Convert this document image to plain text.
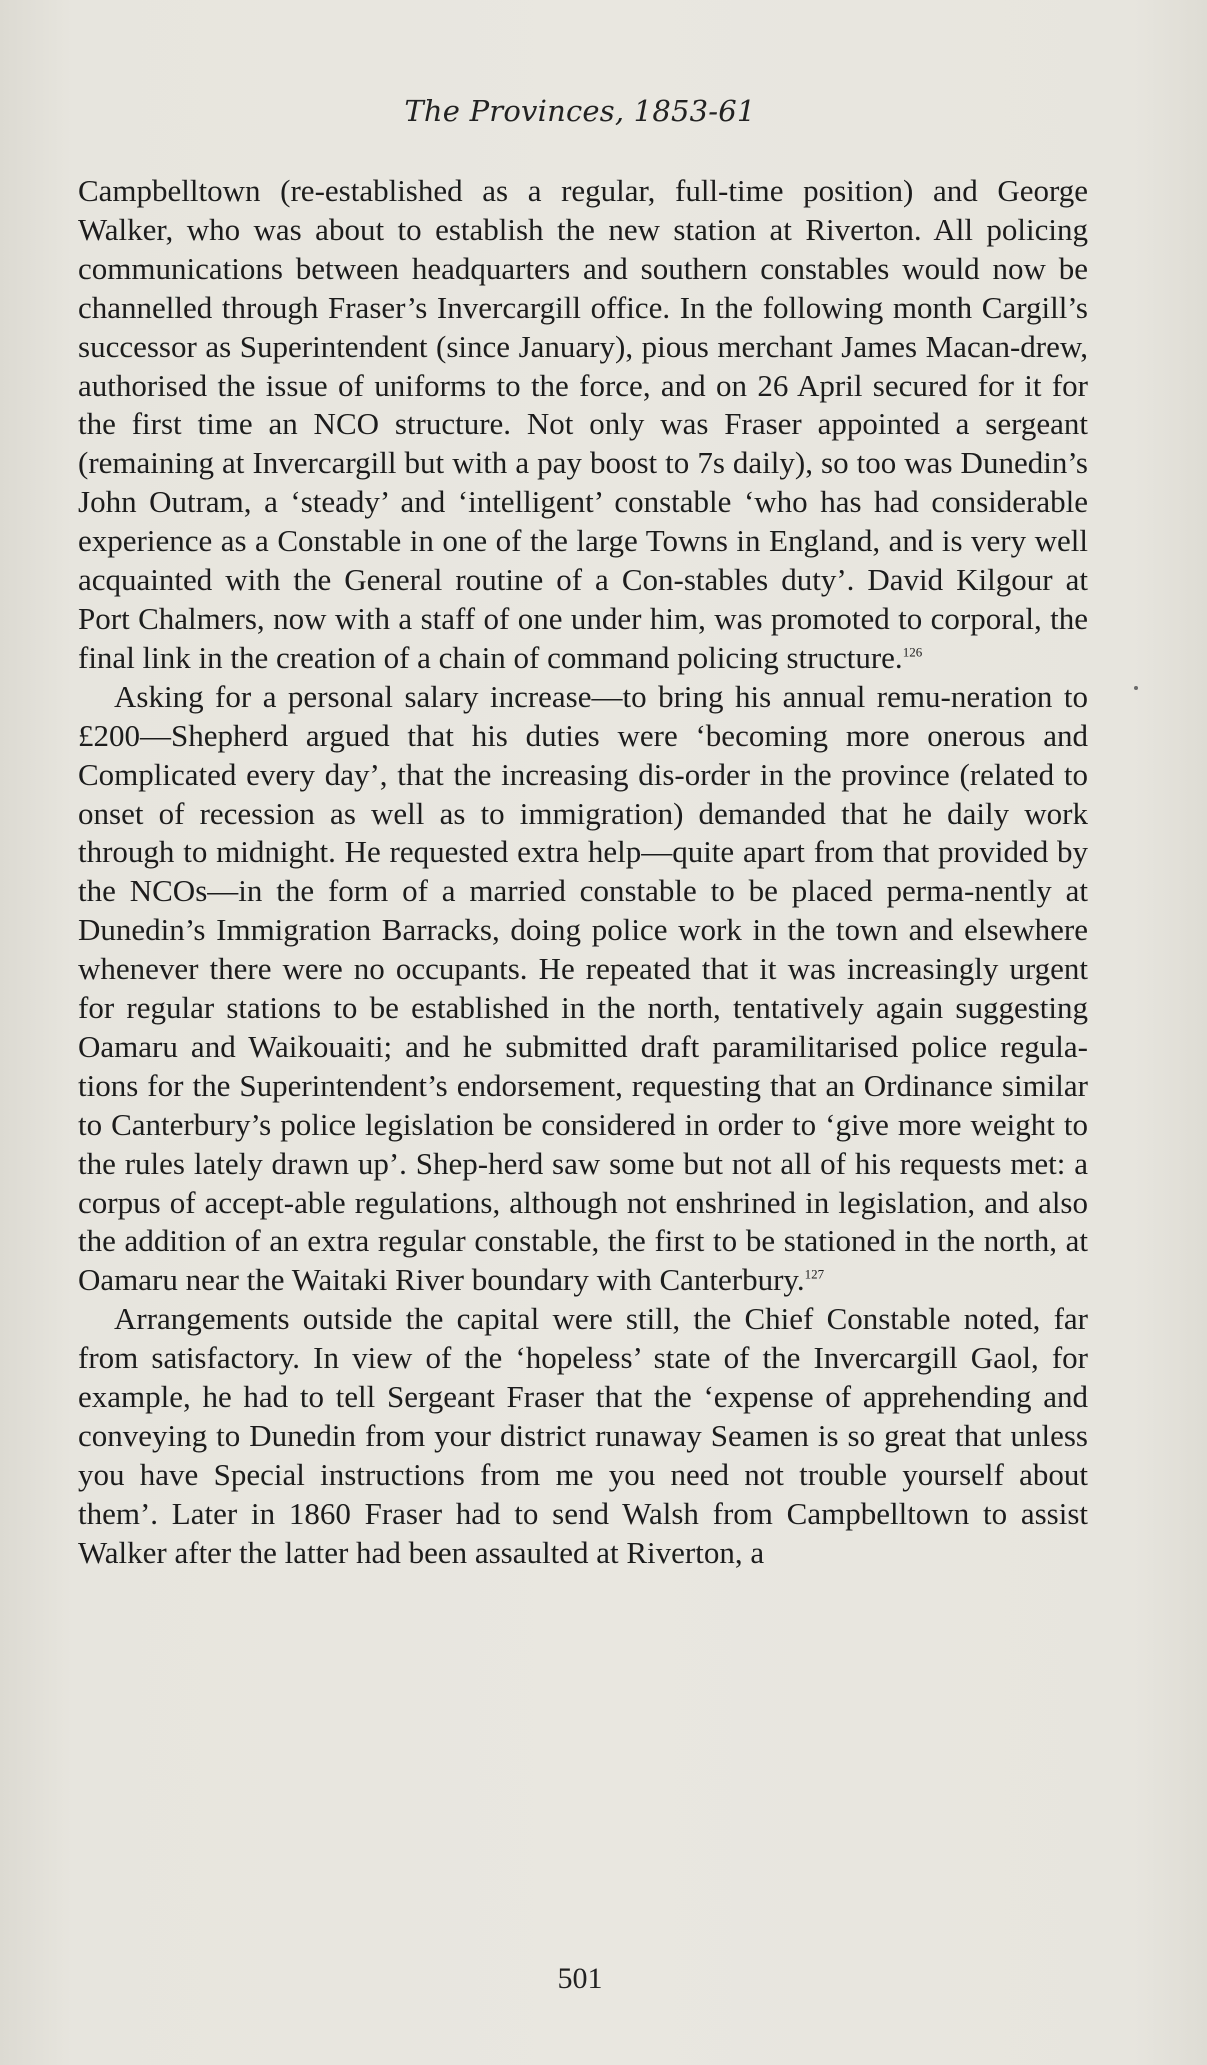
The Provinces, 1853-61

Campbelltown (re-established as a regular, full-time position) and George Walker, who was about to establish the new station at Riverton. All policing communications between headquarters and southern constables would now be channelled through Fraser’s Invercargill office. In the following month Cargill’s successor as Superintendent (since January), pious merchant James Macan-drew, authorised the issue of uniforms to the force, and on 26 April secured for it for the first time an NCO structure. Not only was Fraser appointed a sergeant (remaining at Invercargill but with a pay boost to 7s daily), so too was Dunedin’s John Outram, a ‘steady’ and ‘intelligent’ constable ‘who has had considerable experience as a Constable in one of the large Towns in England, and is very well acquainted with the General routine of a Con-stables duty’. David Kilgour at Port Chalmers, now with a staff of one under him, was promoted to corporal, the final link in the creation of a chain of command policing structure.$^{126}$

Asking for a personal salary increase—to bring his annual remu-neration to £200—Shepherd argued that his duties were ‘becoming more onerous and Complicated every day’, that the increasing dis-order in the province (related to onset of recession as well as to immigration) demanded that he daily work through to midnight. He requested extra help—quite apart from that provided by the NCOs—in the form of a married constable to be placed perma-nently at Dunedin’s Immigration Barracks, doing police work in the town and elsewhere whenever there were no occupants. He repeated that it was increasingly urgent for regular stations to be established in the north, tentatively again suggesting Oamaru and Waikouaiti; and he submitted draft paramilitarised police regula-tions for the Superintendent’s endorsement, requesting that an Ordinance similar to Canterbury’s police legislation be considered in order to ‘give more weight to the rules lately drawn up’. Shep-herd saw some but not all of his requests met: a corpus of accept-able regulations, although not enshrined in legislation, and also the addition of an extra regular constable, the first to be stationed in the north, at Oamaru near the Waitaki River boundary with Canterbury.$^{127}$

Arrangements outside the capital were still, the Chief Constable noted, far from satisfactory. In view of the ‘hopeless’ state of the Invercargill Gaol, for example, he had to tell Sergeant Fraser that the ‘expense of apprehending and conveying to Dunedin from your district runaway Seamen is so great that unless you have Special instructions from me you need not trouble yourself about them’. Later in 1860 Fraser had to send Walsh from Campbelltown to assist Walker after the latter had been assaulted at Riverton, a

501
